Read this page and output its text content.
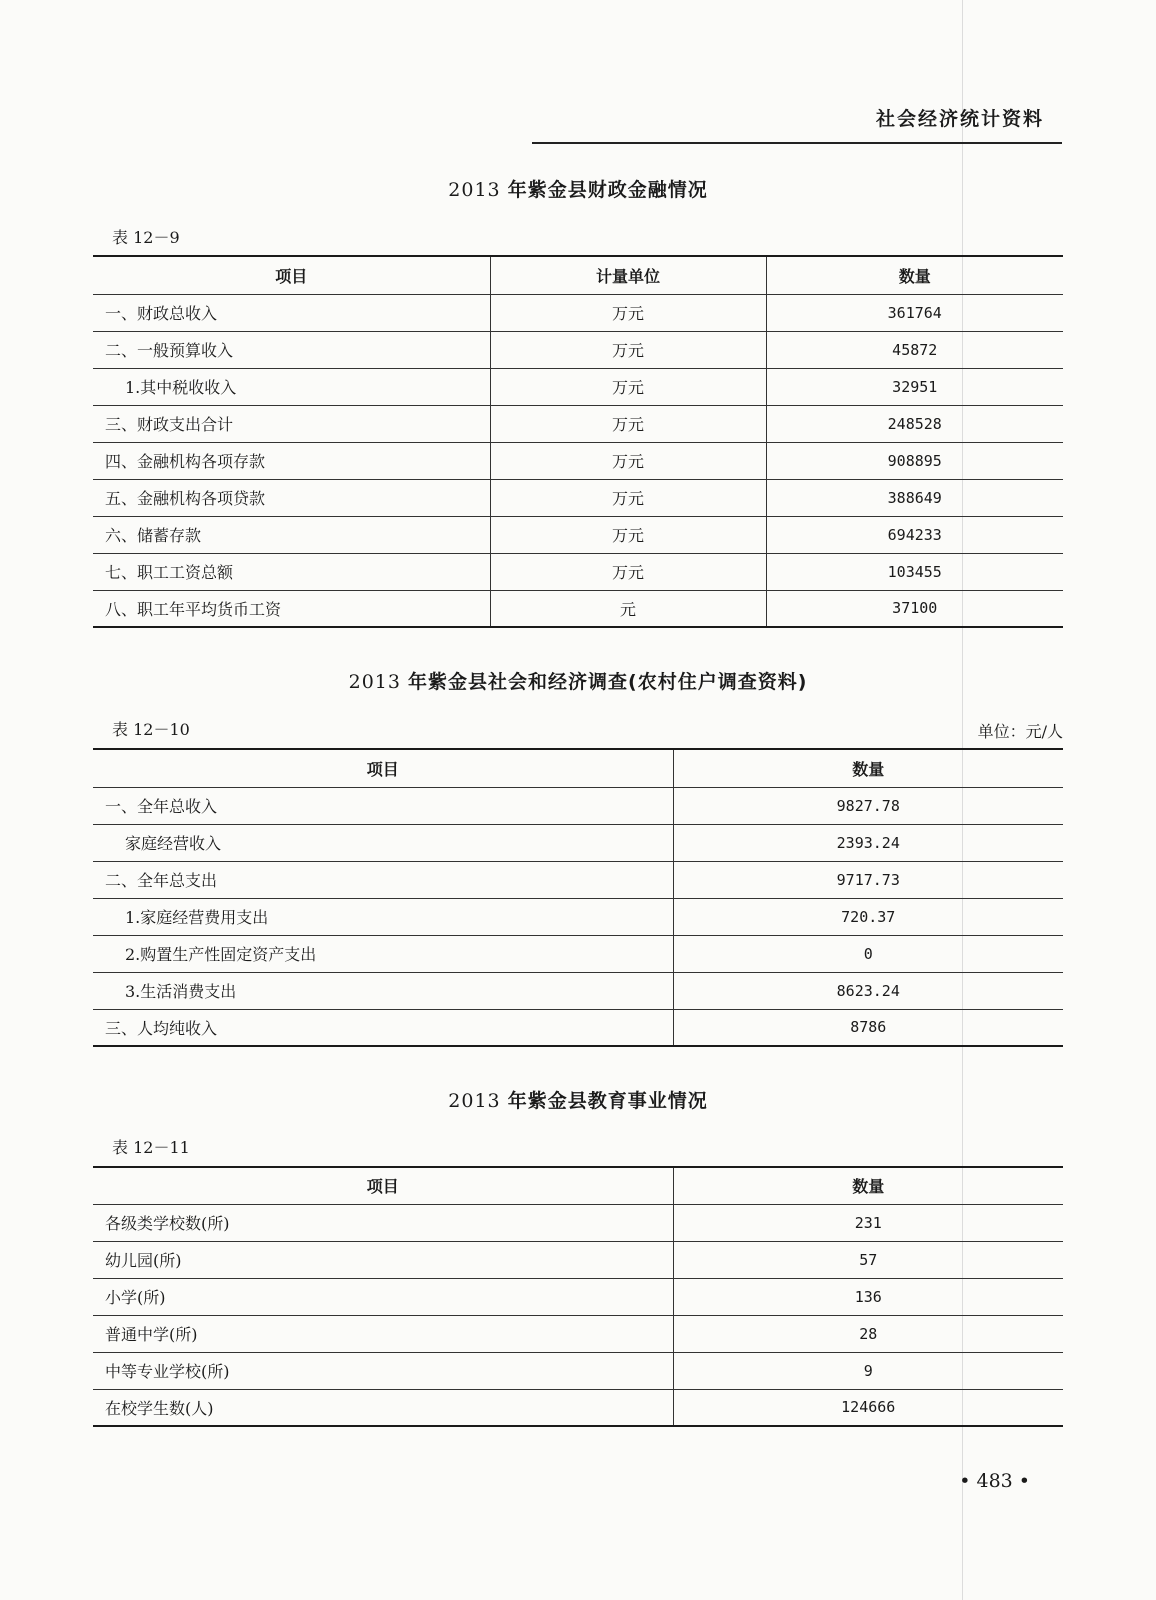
社会经济统计资料
2013 年紫金县财政金融情况
表 12－9
项目	计量单位	数量
一、财政总收入	万元	361764
二、一般预算收入	万元	45872
1.其中税收收入	万元	32951
三、财政支出合计	万元	248528
四、金融机构各项存款	万元	908895
五、金融机构各项贷款	万元	388649
六、储蓄存款	万元	694233
七、职工工资总额	万元	103455
八、职工年平均货币工资	元	37100
2013 年紫金县社会和经济调查(农村住户调查资料)
表 12－10	单位：元/人
项目	数量
一、全年总收入	9827.78
家庭经营收入	2393.24
二、全年总支出	9717.73
1.家庭经营费用支出	720.37
2.购置生产性固定资产支出	0
3.生活消费支出	8623.24
三、人均纯收入	8786
2013 年紫金县教育事业情况
表 12－11
项目	数量
各级类学校数(所)	231
幼儿园(所)	57
小学(所)	136
普通中学(所)	28
中等专业学校(所)	9
在校学生数(人)	124666
• 483 •
